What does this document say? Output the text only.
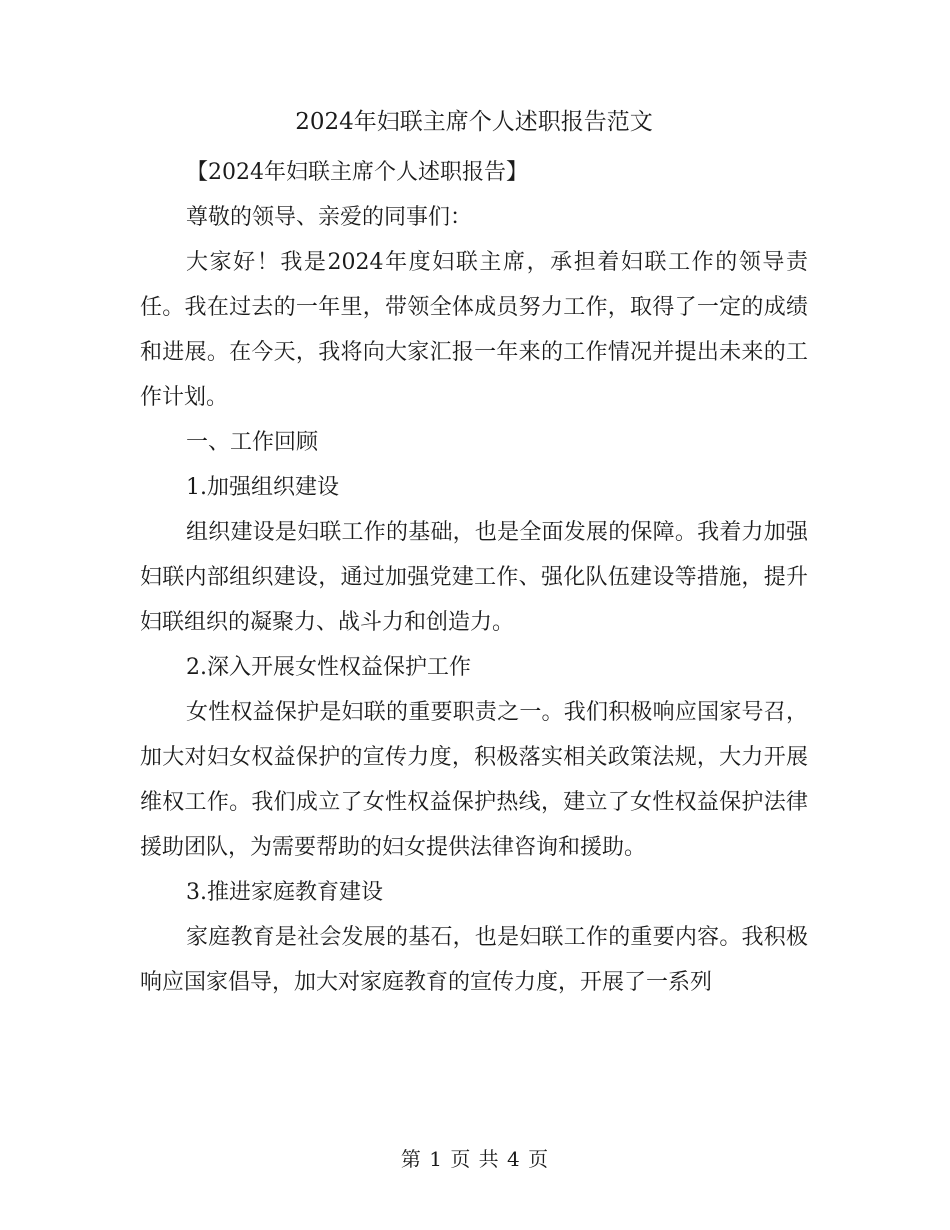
2024年妇联主席个人述职报告范文

【2024年妇联主席个人述职报告】

尊敬的领导、亲爱的同事们：

大家好！我是2024年度妇联主席，承担着妇联工作的领导责任。我在过去的一年里，带领全体成员努力工作，取得了一定的成绩和进展。在今天，我将向大家汇报一年来的工作情况并提出未来的工作计划。

一、工作回顾

1.加强组织建设

组织建设是妇联工作的基础，也是全面发展的保障。我着力加强妇联内部组织建设，通过加强党建工作、强化队伍建设等措施，提升妇联组织的凝聚力、战斗力和创造力。

2.深入开展女性权益保护工作

女性权益保护是妇联的重要职责之一。我们积极响应国家号召，加大对妇女权益保护的宣传力度，积极落实相关政策法规，大力开展维权工作。我们成立了女性权益保护热线，建立了女性权益保护法律援助团队，为需要帮助的妇女提供法律咨询和援助。

3.推进家庭教育建设

家庭教育是社会发展的基石，也是妇联工作的重要内容。我积极响应国家倡导，加大对家庭教育的宣传力度，开展了一系列

第 1 页 共 4 页
